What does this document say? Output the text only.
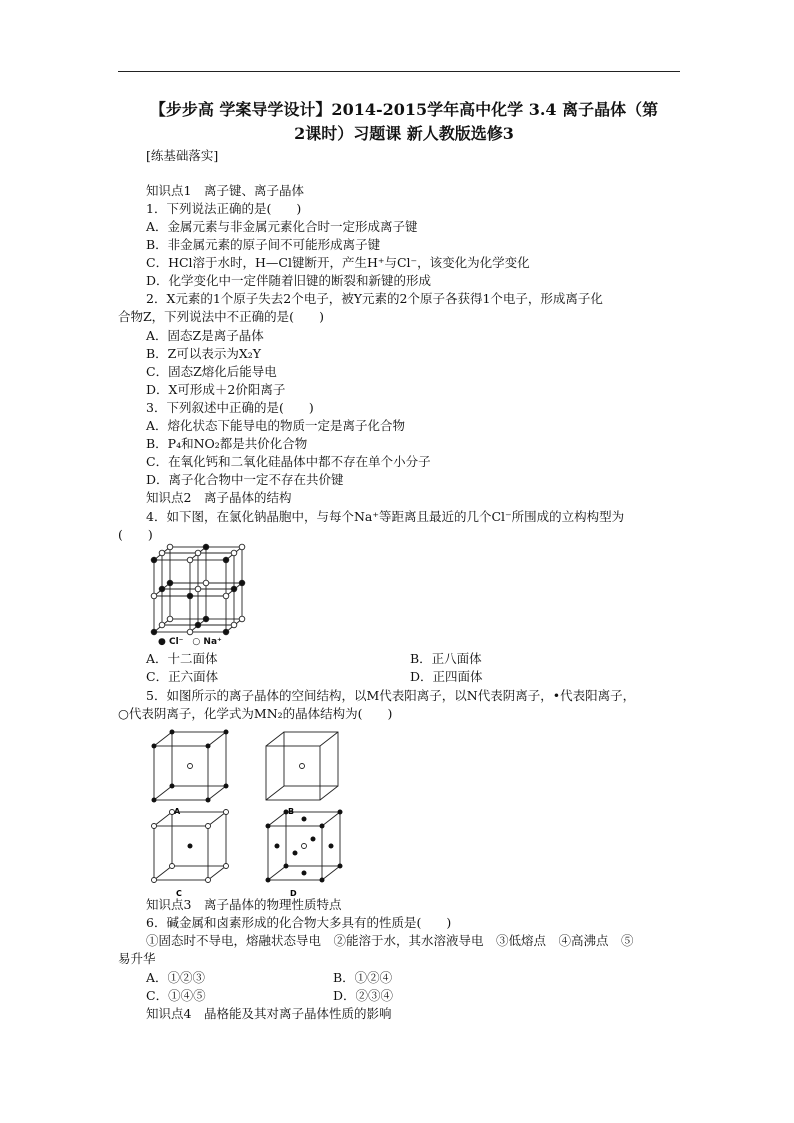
【步步高 学案导学设计】2014-2015学年高中化学 3.4 离子晶体（第
2课时）习题课 新人教版选修3
[练基础落实]
知识点1　离子键、离子晶体
1．下列说法正确的是(　　)
A．金属元素与非金属元素化合时一定形成离子键
B．非金属元素的原子间不可能形成离子键
C．HCl溶于水时，H—Cl键断开，产生H⁺与Cl⁻，该变化为化学变化
D．化学变化中一定伴随着旧键的断裂和新键的形成
2．X元素的1个原子失去2个电子，被Y元素的2个原子各获得1个电子，形成离子化
合物Z，下列说法中不正确的是(　　)
A．固态Z是离子晶体
B．Z可以表示为X₂Y
C．固态Z熔化后能导电
D．X可形成＋2价阳离子
3．下列叙述中正确的是(　　)
A．熔化状态下能导电的物质一定是离子化合物
B．P₄和NO₂都是共价化合物
C．在氧化钙和二氧化硅晶体中都不存在单个小分子
D．离子化合物中一定不存在共价键
知识点2　离子晶体的结构
4．如下图，在氯化钠晶胞中，与每个Na⁺等距离且最近的几个Cl⁻所围成的立构构型为
(　　)
● Cl⁻　○ Na⁺
A．十二面体	B．正八面体
C．正六面体	D．正四面体
5．如图所示的离子晶体的空间结构，以M代表阳离子，以N代表阴离子，•代表阳离子，
○代表阴离子，化学式为MN₂的晶体结构为(　　)
A	B
C	D
知识点3　离子晶体的物理性质特点
6．碱金属和卤素形成的化合物大多具有的性质是(　　)
①固态时不导电，熔融状态导电　②能溶于水，其水溶液导电　③低熔点　④高沸点　⑤
易升华
A．①②③	B．①②④
C．①④⑤	D．②③④
知识点4　晶格能及其对离子晶体性质的影响
